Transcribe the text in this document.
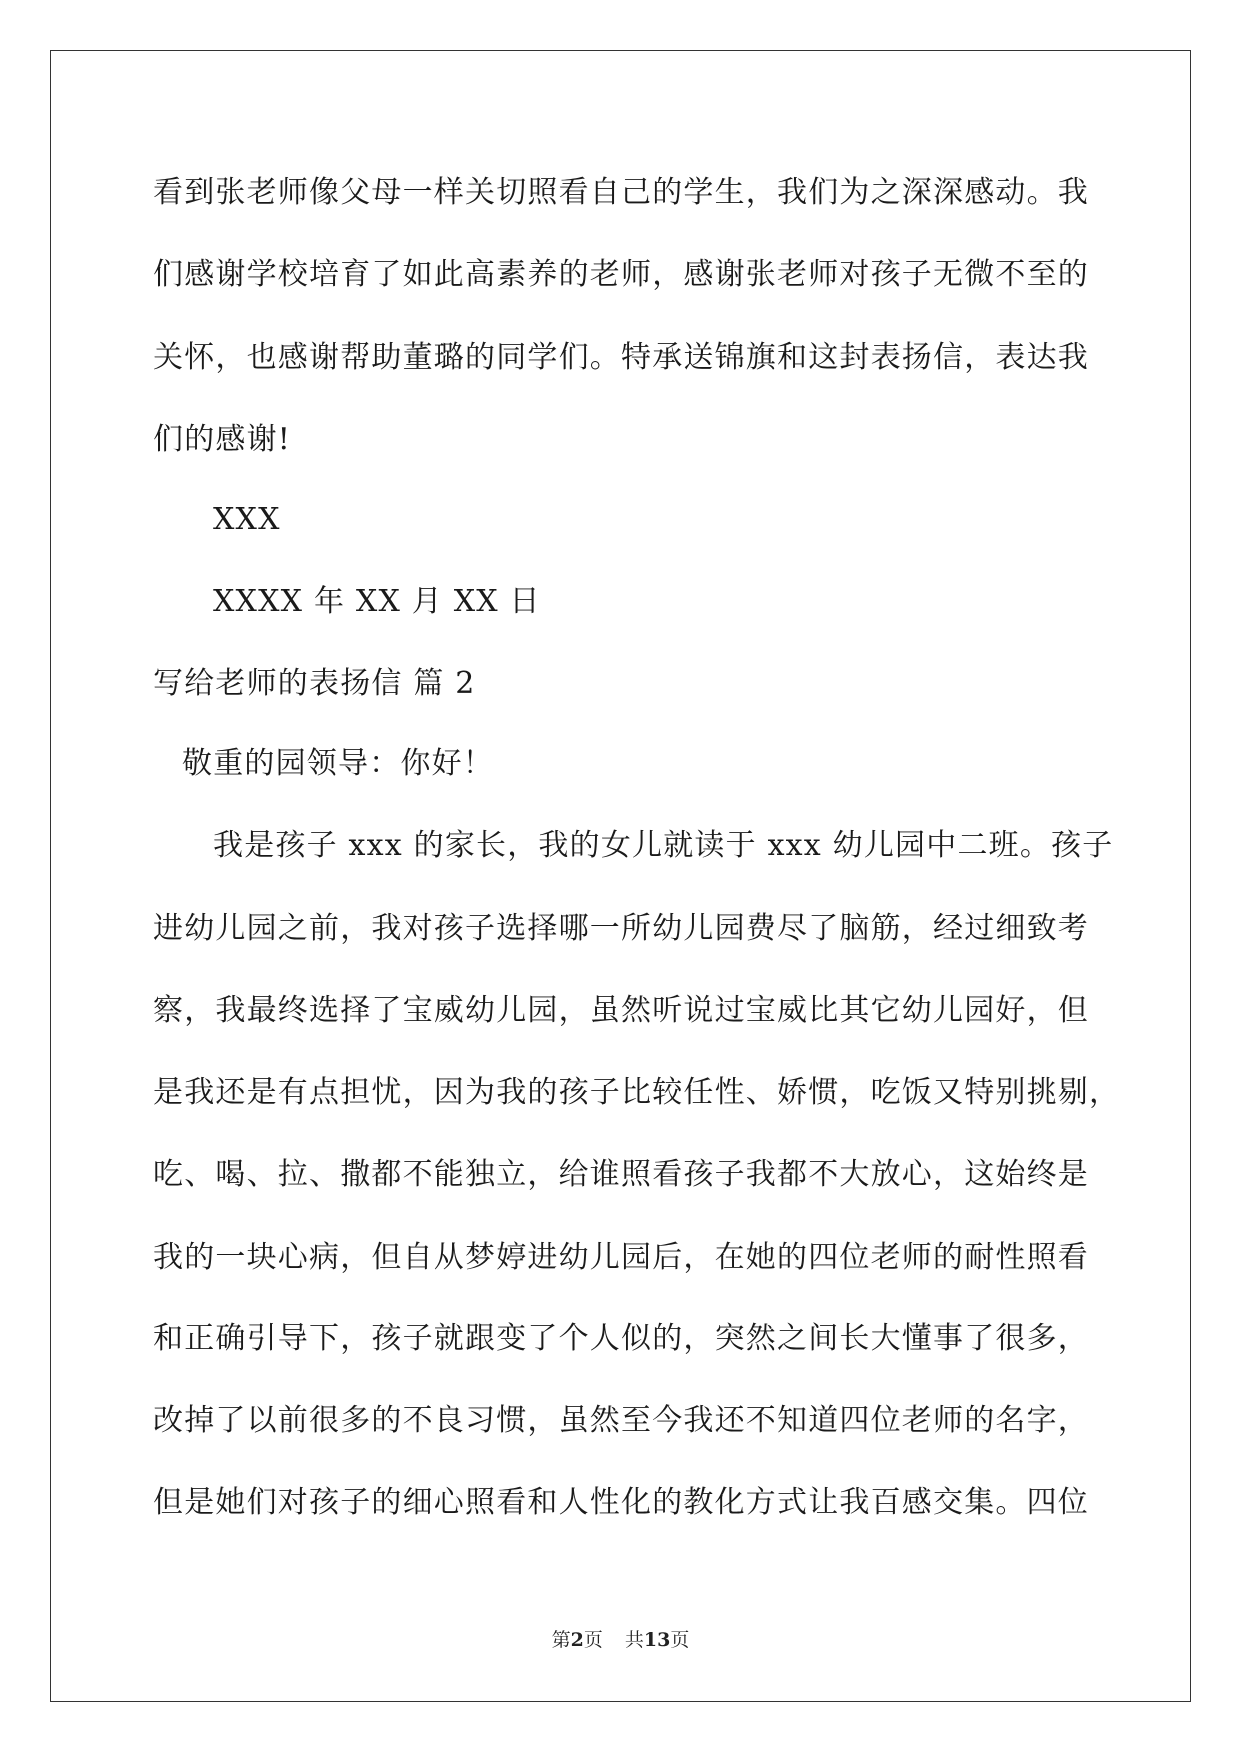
看到张老师像父母一样关切照看自己的学生，我们为之深深感动。我
们感谢学校培育了如此高素养的老师，感谢张老师对孩子无微不至的
关怀，也感谢帮助董璐的同学们。特承送锦旗和这封表扬信，表达我
们的感谢!
XXX
XXXX 年 XX 月 XX 日
写给老师的表扬信 篇 2
敬重的园领导：你好！
我是孩子 xxx 的家长，我的女儿就读于 xxx 幼儿园中二班。孩子
进幼儿园之前，我对孩子选择哪一所幼儿园费尽了脑筋，经过细致考
察，我最终选择了宝威幼儿园，虽然听说过宝威比其它幼儿园好，但
是我还是有点担忧，因为我的孩子比较任性、娇惯，吃饭又特别挑剔，
吃、喝、拉、撒都不能独立，给谁照看孩子我都不大放心，这始终是
我的一块心病，但自从梦婷进幼儿园后，在她的四位老师的耐性照看
和正确引导下，孩子就跟变了个人似的，突然之间长大懂事了很多，
改掉了以前很多的不良习惯，虽然至今我还不知道四位老师的名字，
但是她们对孩子的细心照看和人性化的教化方式让我百感交集。四位
第2页 共13页
